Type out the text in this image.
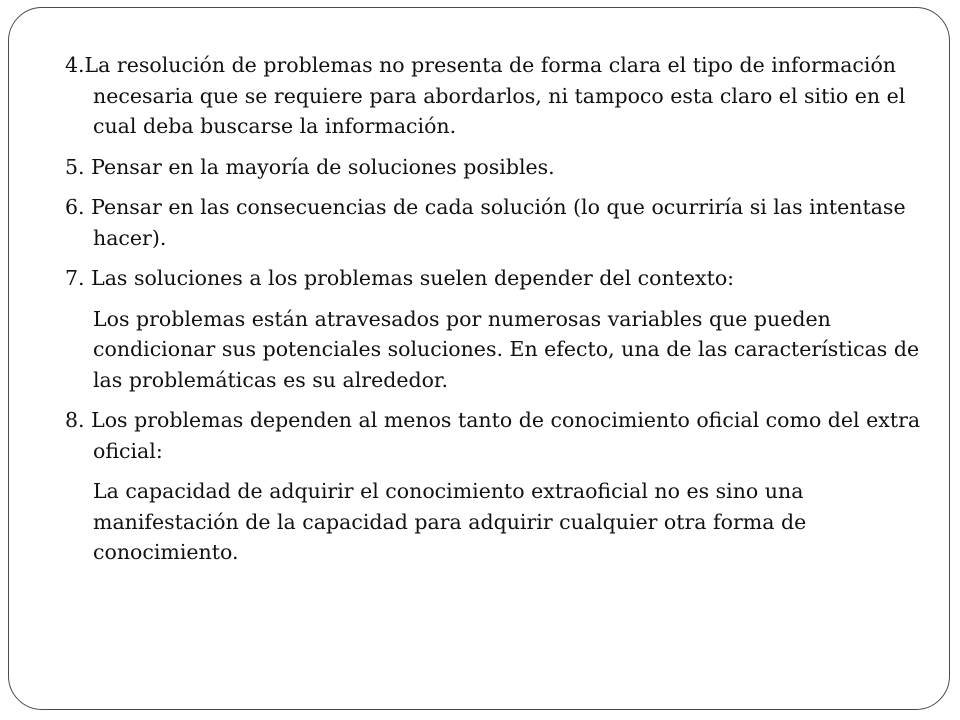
4.La resolución de problemas no presenta de forma clara el tipo de información necesaria que se requiere para abordarlos, ni tampoco esta claro el sitio en el cual deba buscarse la información.

5. Pensar en la mayoría de soluciones posibles.

6. Pensar en las consecuencias de cada solución (lo que ocurriría si las intentase hacer).

7. Las soluciones a los problemas suelen depender del contexto:

Los problemas están atravesados por numerosas variables que pueden condicionar sus potenciales soluciones. En efecto, una de las características de las problemáticas es su alrededor.

8. Los problemas dependen al menos tanto de conocimiento oficial como del extra oficial:

La capacidad de adquirir el conocimiento extraoficial no es sino una manifestación de la capacidad para adquirir cualquier otra forma de conocimiento.
